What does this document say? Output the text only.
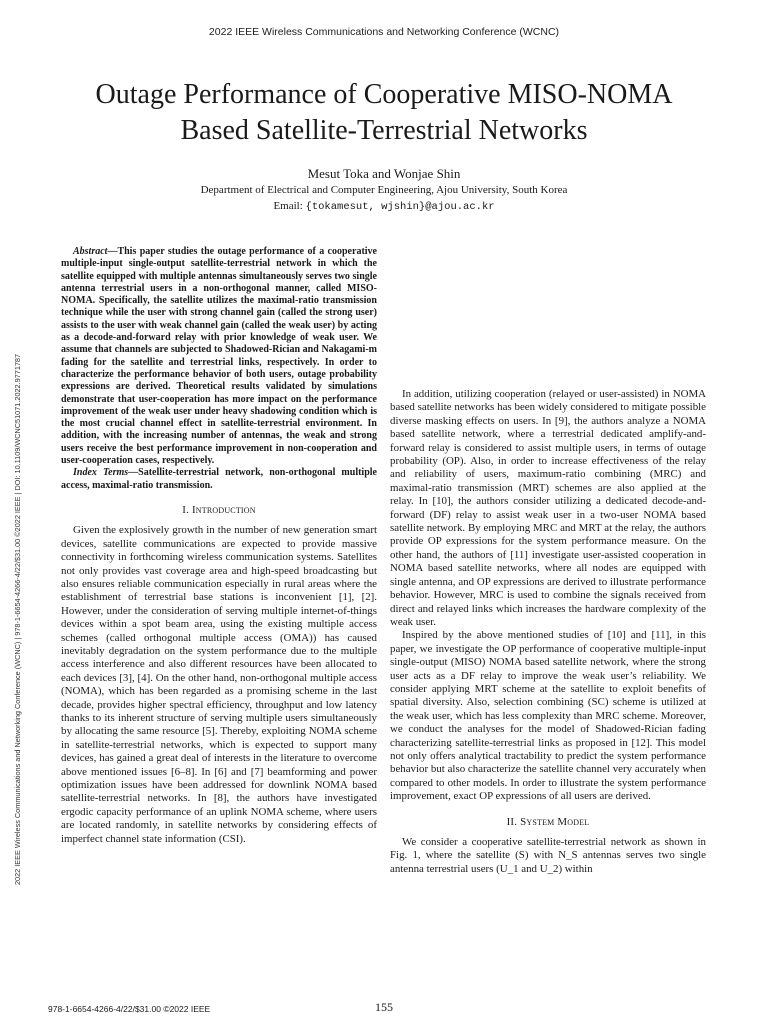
2022 IEEE Wireless Communications and Networking Conference (WCNC)
2022 IEEE Wireless Communications and Networking Conference (WCNC) | 978-1-6654-4266-4/22/$31.00 ©2022 IEEE | DOI: 10.1109/WCNC51071.2022.9771787
Outage Performance of Cooperative MISO-NOMA
Based Satellite-Terrestrial Networks
Mesut Toka and Wonjae Shin
Department of Electrical and Computer Engineering, Ajou University, South Korea
Email: {tokamesut, wjshin}@ajou.ac.kr

Abstract—This paper studies the outage performance of a cooperative multiple-input single-output satellite-terrestrial network in which the satellite equipped with multiple antennas simultaneously serves two single antenna terrestrial users in a non-orthogonal manner, called MISO-NOMA. Specifically, the satellite utilizes the maximal-ratio transmission technique while the user with strong channel gain (called the strong user) assists to the user with weak channel gain (called the weak user) by acting as a decode-and-forward relay with prior knowledge of weak user. We assume that channels are subjected to Shadowed-Rician and Nakagami-m fading for the satellite and terrestrial links, respectively. In order to characterize the performance behavior of both users, outage probability expressions are derived. Theoretical results validated by simulations demonstrate that user-cooperation has more impact on the performance improvement of the weak user under heavy shadowing condition which is the most crucial channel effect in satellite-terrestrial environment. In addition, with the increasing number of antennas, the weak and strong users receive the best performance improvement in non-cooperation and user-cooperation cases, respectively.

Index Terms—Satellite-terrestrial network, non-orthogonal multiple access, maximal-ratio transmission.

I. Introduction

Given the explosively growth in the number of new generation smart devices, satellite communications are expected to provide massive connectivity in forthcoming wireless communication systems. Satellites not only provides vast coverage area and high-speed broadcasting but also ensures reliable communication especially in rural areas where the establishment of terrestrial base stations is inconvenient [1], [2]. However, under the consideration of serving multiple internet-of-things devices within a spot beam area, using the existing multiple access schemes (called orthogonal multiple access (OMA)) has caused inevitably degradation on the system performance due to the multiple access interference and also different resources have been allocated to each devices [3], [4]. On the other hand, non-orthogonal multiple access (NOMA), which has been regarded as a promising scheme in the last decade, provides higher spectral efficiency, throughput and low latency thanks to its inherent structure of serving multiple users simultaneously by allocating the same resource [5]. Thereby, exploiting NOMA scheme in satellite-terrestrial networks, which is expected to support many devices, has gained a great deal of interests in the literature to overcome above mentioned issues [6–8]. In [6] and [7] beamforming and power optimization issues have been addressed for downlink NOMA based satellite-terrestrial networks. In [8], the authors have investigated ergodic capacity performance of an uplink NOMA scheme, where users are located randomly, in satellite networks by considering effects of imperfect channel state information (CSI).

In addition, utilizing cooperation (relayed or user-assisted) in NOMA based satellite networks has been widely considered to mitigate possible diverse masking effects on users. In [9], the authors analyze a NOMA based satellite network, where a terrestrial dedicated amplify-and-forward relay is considered to assist multiple users, in terms of outage probability (OP). Also, in order to increase effectiveness of the relay and reliability of users, maximum-ratio combining (MRC) and maximal-ratio transmission (MRT) schemes are also applied at the relay. In [10], the authors consider utilizing a dedicated decode-and-forward (DF) relay to assist weak user in a two-user NOMA based satellite network. By employing MRC and MRT at the relay, the authors provide OP expressions for the system performance measure. On the other hand, the authors of [11] investigate user-assisted cooperation in NOMA based satellite networks, where all nodes are equipped with single antenna, and OP expressions are derived to illustrate performance behavior. However, MRC is used to combine the signals received from direct and relayed links which increases the hardware complexity of the weak user.

Inspired by the above mentioned studies of [10] and [11], in this paper, we investigate the OP performance of cooperative multiple-input single-output (MISO) NOMA based satellite network, where the strong user acts as a DF relay to improve the weak user’s reliability. We consider applying MRT scheme at the satellite to exploit benefits of spatial diversity. Also, selection combining (SC) scheme is utilized at the weak user, which has less complexity than MRC scheme. Moreover, we conduct the analyses for the model of Shadowed-Rician fading characterizing satellite-terrestrial links as proposed in [12]. This model not only offers analytical tractability to predict the system performance behavior but also characterize the satellite channel very accurately when compared to other models. In order to illustrate the system performance improvement, exact OP expressions of all users are derived.

II. System Model

We consider a cooperative satellite-terrestrial network as shown in Fig. 1, where the satellite (S) with N_S antennas serves two single antenna terrestrial users (U_1 and U_2) within

978-1-6654-4266-4/22/$31.00 ©2022 IEEE	155
